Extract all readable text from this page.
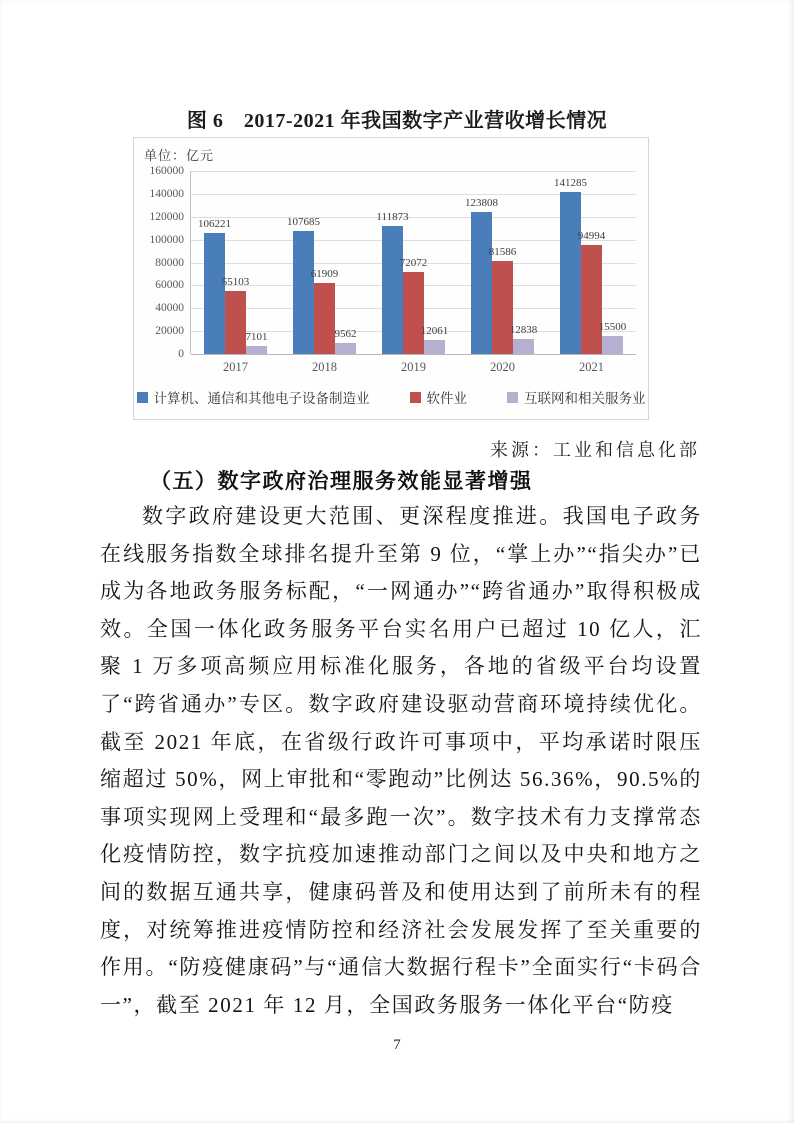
图 6　2017-2021 年我国数字产业营收增长情况
单位：亿元
0
20000
40000
60000
80000
100000
120000
140000
160000
106221
55103
7101
107685
61909
9562
111873
72072
12061
123808
81586
12838
141285
94994
15500
2017	2018	2019	2020	2021
计算机、通信和其他电子设备制造业	软件业	互联网和相关服务业
来源：工业和信息化部
（五）数字政府治理服务效能显著增强
数字政府建设更大范围、更深程度推进。我国电子政务在线服务指数全球排名提升至第 9 位，“掌上办”“指尖办”已成为各地政务服务标配，“一网通办”“跨省通办”取得积极成效。全国一体化政务服务平台实名用户已超过 10 亿人，汇聚 1 万多项高频应用标准化服务，各地的省级平台均设置了“跨省通办”专区。数字政府建设驱动营商环境持续优化。截至 2021 年底，在省级行政许可事项中，平均承诺时限压缩超过 50%，网上审批和“零跑动”比例达 56.36%，90.5%的事项实现网上受理和“最多跑一次”。数字技术有力支撑常态化疫情防控，数字抗疫加速推动部门之间以及中央和地方之间的数据互通共享，健康码普及和使用达到了前所未有的程度，对统筹推进疫情防控和经济社会发展发挥了至关重要的作用。“防疫健康码”与“通信大数据行程卡”全面实行“卡码合一”，截至 2021 年 12 月，全国政务服务一体化平台“防疫
7
